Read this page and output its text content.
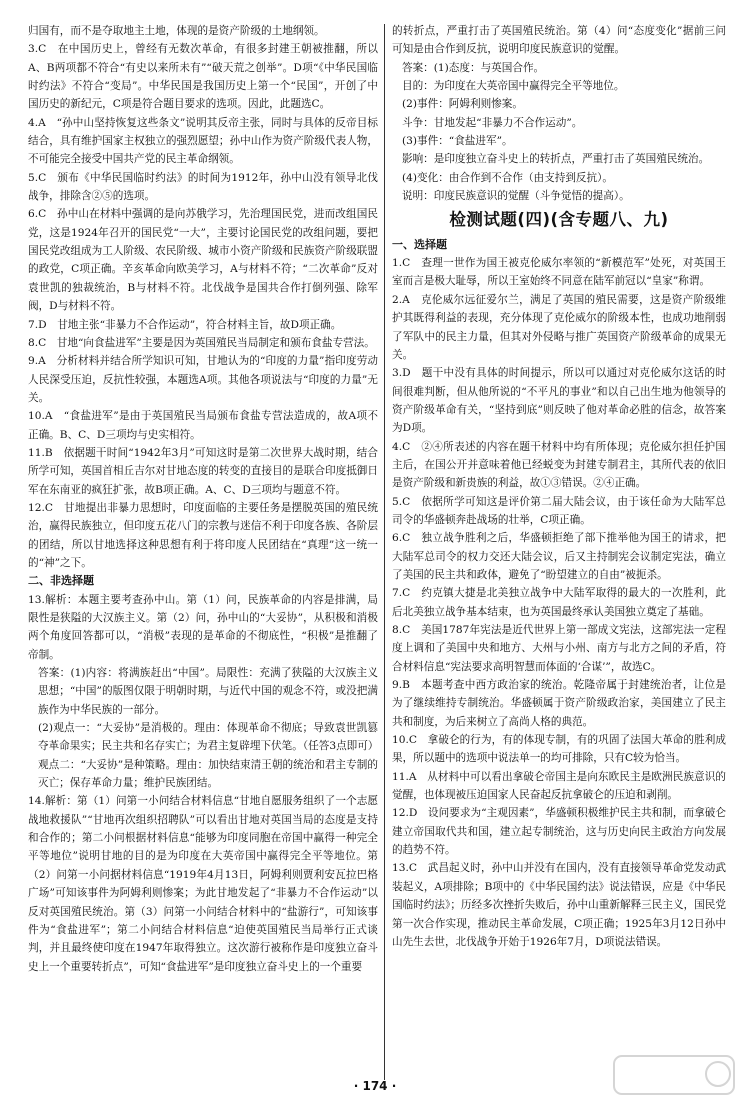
归国有，而不是夺取地主土地，体现的是资产阶级的土地纲领。

3.C　在中国历史上，曾经有无数次革命，有很多封建王朝被推翻，所以A、B两项都不符合“有史以来所未有”“破天荒之创举”。D项“《中华民国临时约法》不符合“变局”。中华民国是我国历史上第一个“民国”，开创了中国历史的新纪元，C项是符合题目要求的选项。因此，此题选C。

4.A　“孙中山坚持恢复这些条文”说明其反帝主张，同时与具体的反帝目标结合，具有维护国家主权独立的强烈愿望；孙中山作为资产阶级代表人物，不可能完全接受中国共产党的民主革命纲领。

5.C　颁布《中华民国临时约法》的时间为1912年，孙中山没有领导北伐战争，排除含②⑤的选项。

6.C　孙中山在材料中强调的是向苏俄学习，先治理国民党，进而改组国民党，这是1924年召开的国民党“一大”，主要讨论国民党的改组问题，要把国民党改组成为工人阶级、农民阶级、城市小资产阶级和民族资产阶级联盟的政党，C项正确。辛亥革命向欧美学习，A与材料不符；“二次革命”反对袁世凯的独裁统治，B与材料不符。北伐战争是国共合作打倒列强、除军阀，D与材料不符。

7.D　甘地主张“非暴力不合作运动”，符合材料主旨，故D项正确。

8.C　甘地“向食盐进军”主要是因为英国殖民当局制定和颁布食盐专营法。

9.A　分析材料并结合所学知识可知，甘地认为的“印度的力量”指印度劳动人民深受压迫，反抗性较强，本题选A项。其他各项说法与“印度的力量”无关。

10.A　“食盐进军”是由于英国殖民当局颁布食盐专营法造成的，故A项不正确。B、C、D三项均与史实相符。

11.B　依据题干时间“1942年3月”可知这时是第二次世界大战时期，结合所学可知，英国首相丘吉尔对甘地态度的转变的直接目的是联合印度抵御日军在东南亚的疯狂扩张，故B项正确。A、C、D三项均与题意不符。

12.C　甘地提出非暴力思想时，印度面临的主要任务是摆脱英国的殖民统治，赢得民族独立，但印度五花八门的宗教与迷信不利于印度各族、各阶层的团结，所以甘地选择这种思想有利于将印度人民团结在“真理”这一统一的“神”之下。

二、非选择题

13.解析：本题主要考查孙中山。第（1）问，民族革命的内容是排满，局限性是狭隘的大汉族主义。第（2）问，孙中山的“大妥协”，从积极和消极两个角度回答都可以，“消极”表现的是革命的不彻底性，“积极”是推翻了帝制。

答案：(1)内容：将满族赶出“中国”。局限性：充满了狭隘的大汉族主义思想；“中国”的版图仅限于明朝时期，与近代中国的观念不符，或没把满族作为中华民族的一部分。

(2)观点一：“大妥协”是消极的。理由：体现革命不彻底；导致袁世凯篡夺革命果实；民主共和名存实亡；为君主复辟埋下伏笔。（任答3点即可）

观点二：“大妥协”是种策略。理由：加快结束清王朝的统治和君主专制的灭亡；保存革命力量；维护民族团结。

14.解析：第（1）问第一小问结合材料信息“甘地自愿服务组织了一个志愿战地救援队”“甘地再次组织招聘队”可以看出甘地对英国当局的态度是支持和合作的；第二小问根据材料信息“能够为印度同胞在帝国中赢得一种完全平等地位”说明甘地的目的是为印度在大英帝国中赢得完全平等地位。第（2）问第一小问据材料信息“1919年4月13日，阿姆利则贾利安瓦拉巴格广场”可知该事件为阿姆利则惨案；为此甘地发起了“非暴力不合作运动”以反对英国殖民统治。第（3）问第一小问结合材料中的“盐游行”，可知该事件为“食盐进军”；第二小问结合材料信息“迫使英国殖民当局举行正式谈判，并且最终使印度在1947年取得独立。这次游行被称作是印度独立奋斗史上一个重要转折点”，可知“食盐进军”是印度独立奋斗史上的一个重要

的转折点，严重打击了英国殖民统治。第（4）问“态度变化”据前三问可知是由合作到反抗，说明印度民族意识的觉醒。

答案：(1)态度：与英国合作。

目的：为印度在大英帝国中赢得完全平等地位。

(2)事件：阿姆利则惨案。

斗争：甘地发起“非暴力不合作运动”。

(3)事件：“食盐进军”。

影响：是印度独立奋斗史上的转折点，严重打击了英国殖民统治。

(4)变化：由合作到不合作（由支持到反抗）。

说明：印度民族意识的觉醒（斗争觉悟的提高）。

检测试题(四)(含专题八、九)

一、选择题

1.C　查理一世作为国王被克伦威尔率领的“新模范军”处死，对英国王室而言是极大耻辱，所以王室始终不同意在陆军前冠以“皇家”称谓。

2.A　克伦威尔远征爱尔兰，满足了英国的殖民需要，这是资产阶级维护其既得利益的表现，充分体现了克伦威尔的阶级本性，也成功地削弱了军队中的民主力量，但其对外侵略与推广英国资产阶级革命的成果无关。

3.D　题干中没有具体的时间提示，所以可以通过对克伦威尔这话的时间很难判断，但从他所说的“不平凡的事业”和以自己出生地为他领导的资产阶级革命有关，“坚持到底”则反映了他对革命必胜的信念，故答案为D项。

4.C　②④所表述的内容在题干材料中均有所体现；克伦威尔担任护国主后，在国公开并意味着他已经蜕变为封建专制君主，其所代表的依旧是资产阶级和新贵族的利益，故①③错误。②④正确。

5.C　依据所学可知这是评价第二届大陆会议，由于该任命为大陆军总司令的华盛顿奔赴战场的壮举，C项正确。

6.C　独立战争胜利之后，华盛顿拒绝了部下推举他为国王的请求，把大陆军总司令的权力交还大陆会议，后又主持制宪会议制定宪法，确立了美国的民主共和政体，避免了“盼望建立的自由”被扼杀。

7.C　约克镇大捷是北美独立战争中大陆军取得的最大的一次胜利，此后北美独立战争基本结束，也为英国最终承认美国独立奠定了基础。

8.C　美国1787年宪法是近代世界上第一部成文宪法，这部宪法一定程度上调和了美国中央和地方、大州与小州、南方与北方之间的矛盾，符合材料信息“宪法要求高明智慧而体面的‘合谋’”，故选C。

9.B　本题考查中西方政治家的统治。乾隆帝属于封建统治者，让位是为了继续维持专制统治。华盛顿属于资产阶级政治家，美国建立了民主共和制度，为后来树立了高尚人格的典范。

10.C　拿破仑的行为，有的体现专制，有的巩固了法国大革命的胜利成果，所以题中的选项中说法单一的均可排除，只有C较为恰当。

11.A　从材料中可以看出拿破仑帝国主是向东欧民主是欧洲民族意识的觉醒，也体现被压迫国家人民奋起反抗拿破仑的压迫和剥削。

12.D　设问要求为“主观因素”，华盛顿积极维护民主共和制，而拿破仑建立帝国取代共和国，建立起专制统治，这与历史向民主政治方向发展的趋势不符。

13.C　武昌起义时，孙中山并没有在国内，没有直接领导革命党发动武装起义，A项排除；B项中的《中华民国约法》说法错误，应是《中华民国临时约法》；历经多次挫折失败后，孙中山重新解释三民主义，国民党第一次合作实现，推动民主革命发展，C项正确；1925年3月12日孙中山先生去世，北伐战争开始于1926年7月，D项说法错误。

· 174 ·
